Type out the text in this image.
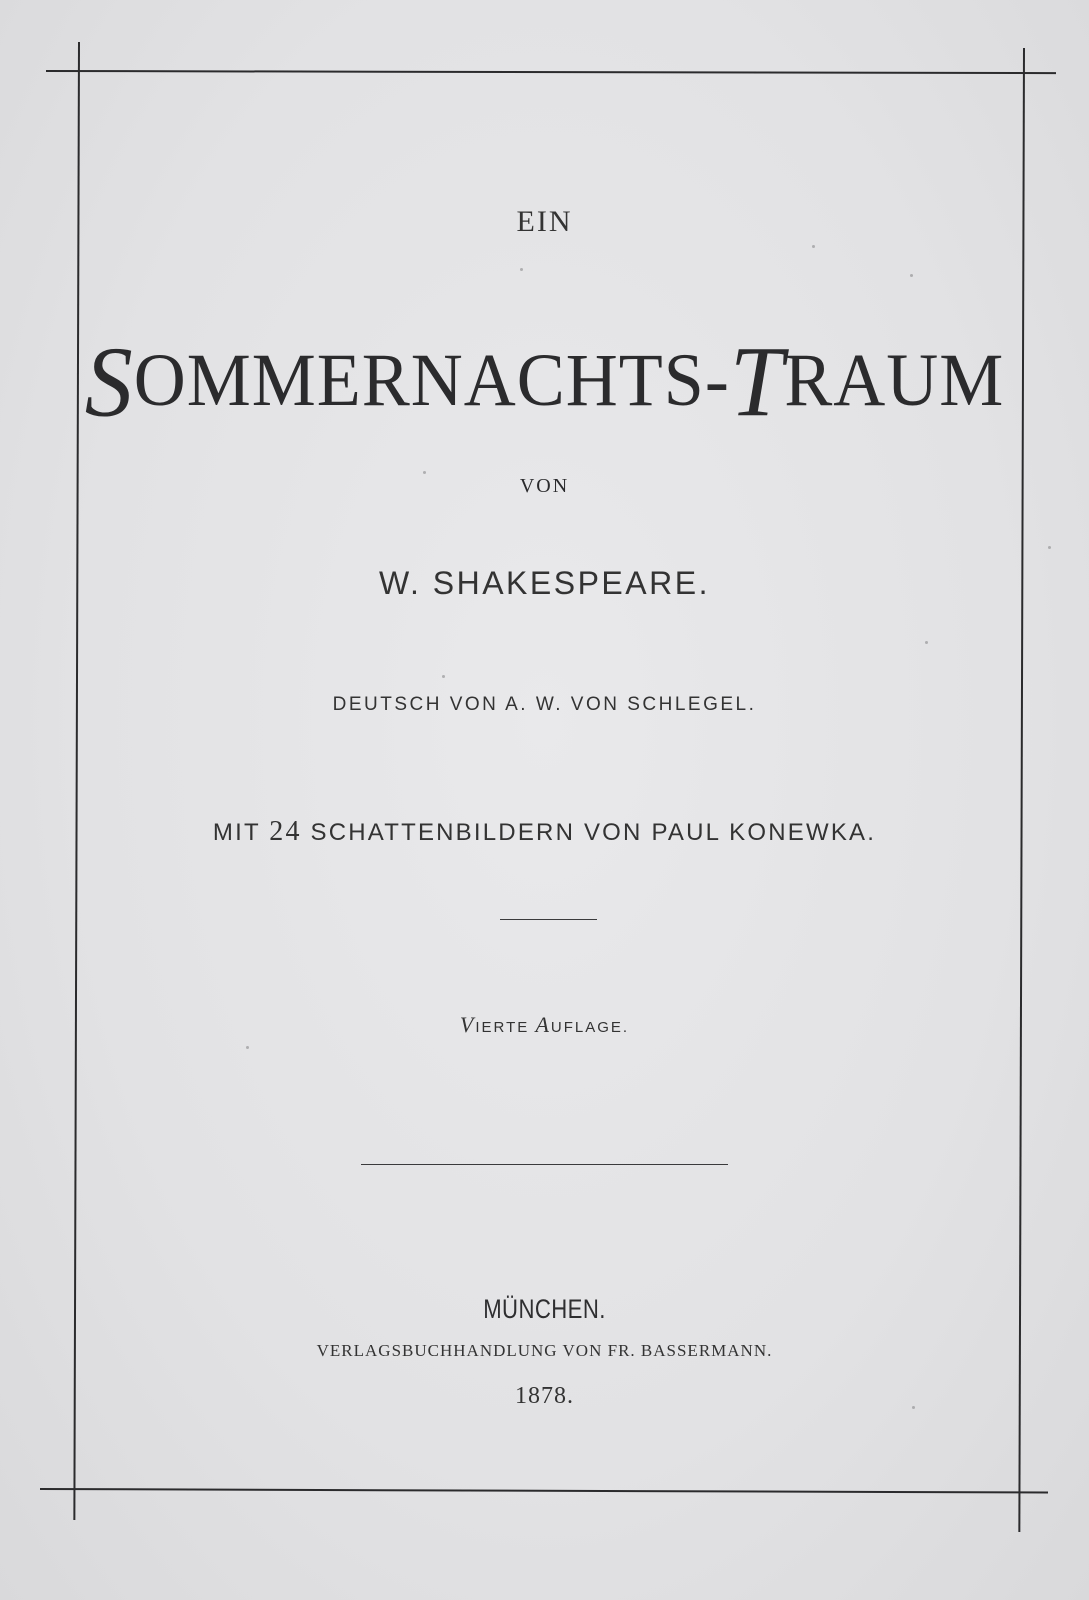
EIN
SOMMERNACHTS-TRAUM
VON
W. SHAKESPEARE.
DEUTSCH VON A. W. VON SCHLEGEL.
MIT 24 SCHATTENBILDERN VON PAUL KONEWKA.
VIERTE AUFLAGE.
MÜNCHEN.
VERLAGSBUCHHANDLUNG VON FR. BASSERMANN.
1878.
